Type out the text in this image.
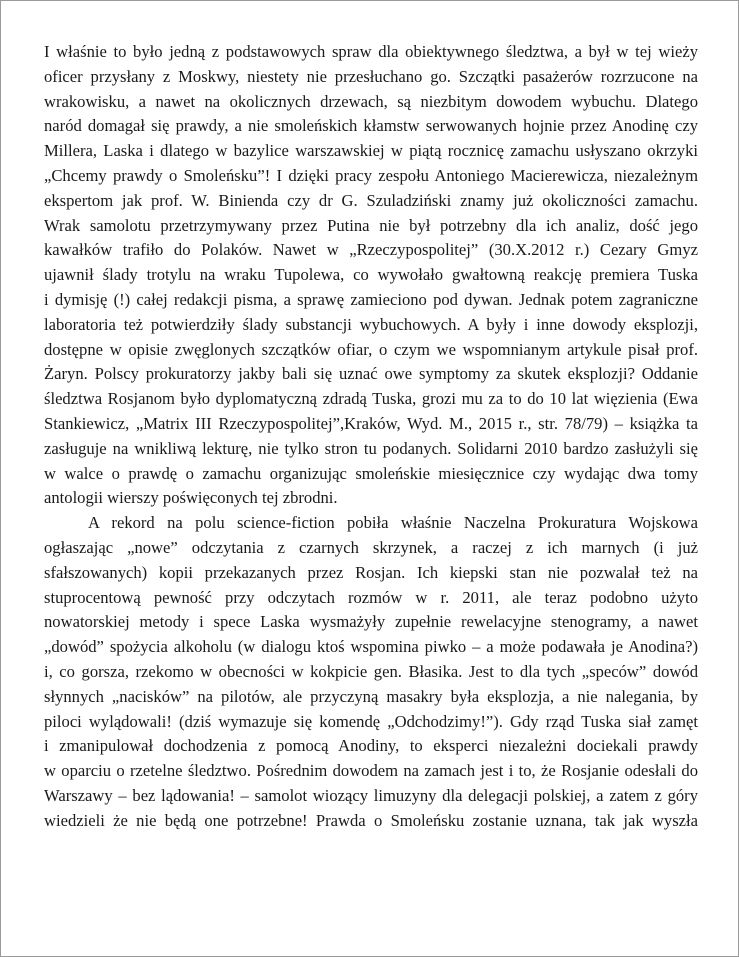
I właśnie to było jedną z podstawowych spraw dla obiektywnego śledztwa, a był w tej wieży
oficer przysłany z Moskwy, niestety nie przesłuchano go. Szczątki pasażerów rozrzucone na
wrakowisku, a nawet na okolicznych drzewach, są niezbitym dowodem wybuchu. Dlatego
naród domagał się prawdy, a nie smoleńskich kłamstw serwowanych hojnie przez Anodinę czy
Millera, Laska i dlatego w bazylice warszawskiej w piątą rocznicę zamachu usłyszano okrzyki
„Chcemy prawdy o Smoleńsku”! I dzięki pracy zespołu Antoniego Macierewicza, niezależnym
ekspertom jak prof. W. Binienda czy dr G. Szuladziński znamy już okoliczności zamachu.
Wrak samolotu przetrzymywany przez Putina nie był potrzebny dla ich analiz, dość jego
kawałków trafiło do Polaków. Nawet w „Rzeczypospolitej” (30.X.2012 r.) Cezary Gmyz
ujawnił ślady trotylu na wraku Tupolewa, co wywołało gwałtowną reakcję premiera Tuska
i dymisję (!) całej redakcji pisma, a sprawę zamieciono pod dywan. Jednak potem zagraniczne
laboratoria też potwierdziły ślady substancji wybuchowych. A były i inne dowody eksplozji,
dostępne w opisie zwęglonych szczątków ofiar, o czym we wspomnianym artykule pisał prof.
Żaryn. Polscy prokuratorzy jakby bali się uznać owe symptomy za skutek eksplozji? Oddanie
śledztwa Rosjanom było dyplomatyczną zdradą Tuska, grozi mu za to do 10 lat więzienia (Ewa
Stankiewicz, „Matrix III Rzeczypospolitej”,Kraków, Wyd. M., 2015 r., str. 78/79) – książka ta
zasługuje na wnikliwą lekturę, nie tylko stron tu podanych. Solidarni 2010 bardzo zasłużyli się
w walce o prawdę o zamachu organizując smoleńskie miesięcznice czy wydając dwa tomy
antologii wierszy poświęconych tej zbrodni.
A rekord na polu science-fiction pobiła właśnie Naczelna Prokuratura Wojskowa
ogłaszając „nowe” odczytania z czarnych skrzynek, a raczej z ich marnych (i już
sfałszowanych) kopii przekazanych przez Rosjan. Ich kiepski stan nie pozwalał też na
stuprocentową pewność przy odczytach rozmów w r. 2011, ale teraz podobno użyto
nowatorskiej metody i spece Laska wysmażyły zupełnie rewelacyjne stenogramy, a nawet
„dowód” spożycia alkoholu (w dialogu ktoś wspomina piwko – a może podawała je Anodina?)
i, co gorsza, rzekomo w obecności w kokpicie gen. Błasika. Jest to dla tych „speców” dowód
słynnych „nacisków” na pilotów, ale przyczyną masakry była eksplozja, a nie nalegania, by
piloci wylądowali! (dziś wymazuje się komendę „Odchodzimy!”). Gdy rząd Tuska siał zamęt
i zmanipulował dochodzenia z pomocą Anodiny, to eksperci niezależni dociekali prawdy
w oparciu o rzetelne śledztwo. Pośrednim dowodem na zamach jest i to, że Rosjanie odesłali do
Warszawy – bez lądowania! – samolot wiozący limuzyny dla delegacji polskiej, a zatem z góry
wiedzieli że nie będą one potrzebne! Prawda o Smoleńsku zostanie uznana, tak jak wyszła
